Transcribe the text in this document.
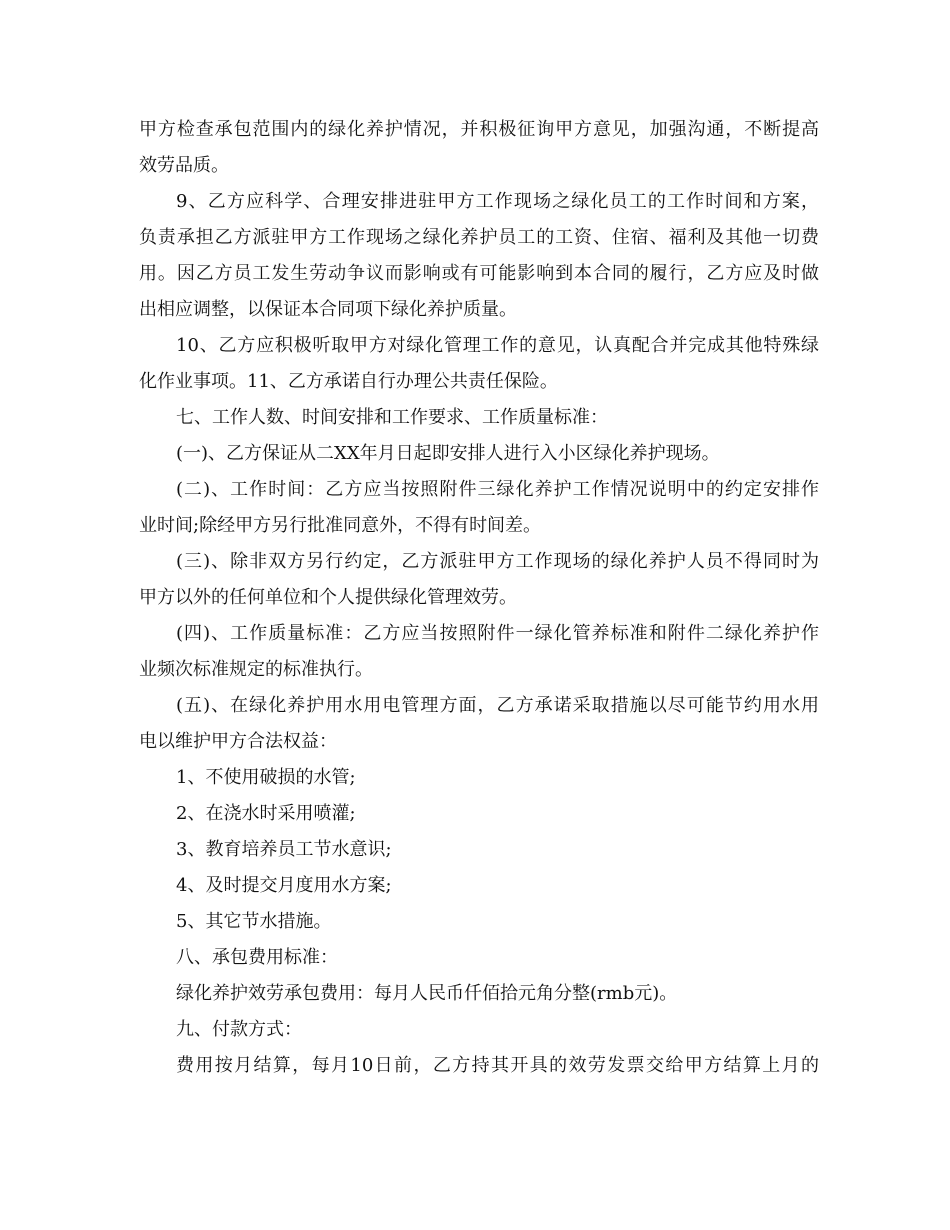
甲方检查承包范围内的绿化养护情况，并积极征询甲方意见，加强沟通，不断提高
效劳品质。
9、乙方应科学、合理安排进驻甲方工作现场之绿化员工的工作时间和方案，
负责承担乙方派驻甲方工作现场之绿化养护员工的工资、住宿、福利及其他一切费
用。因乙方员工发生劳动争议而影响或有可能影响到本合同的履行，乙方应及时做
出相应调整，以保证本合同项下绿化养护质量。
10、乙方应积极听取甲方对绿化管理工作的意见，认真配合并完成其他特殊绿
化作业事项。11、乙方承诺自行办理公共责任保险。
七、工作人数、时间安排和工作要求、工作质量标准：
(一)、乙方保证从二XX年月日起即安排人进行入小区绿化养护现场。
(二)、工作时间：乙方应当按照附件三绿化养护工作情况说明中的约定安排作
业时间;除经甲方另行批准同意外，不得有时间差。
(三)、除非双方另行约定，乙方派驻甲方工作现场的绿化养护人员不得同时为
甲方以外的任何单位和个人提供绿化管理效劳。
(四)、工作质量标准：乙方应当按照附件一绿化管养标准和附件二绿化养护作
业频次标准规定的标准执行。
(五)、在绿化养护用水用电管理方面，乙方承诺采取措施以尽可能节约用水用
电以维护甲方合法权益：
1、不使用破损的水管;
2、在浇水时采用喷灌;
3、教育培养员工节水意识;
4、及时提交月度用水方案;
5、其它节水措施。
八、承包费用标准：
绿化养护效劳承包费用：每月人民币仟佰拾元角分整(rmb元)。
九、付款方式：
费用按月结算，每月10日前，乙方持其开具的效劳发票交给甲方结算上月的
